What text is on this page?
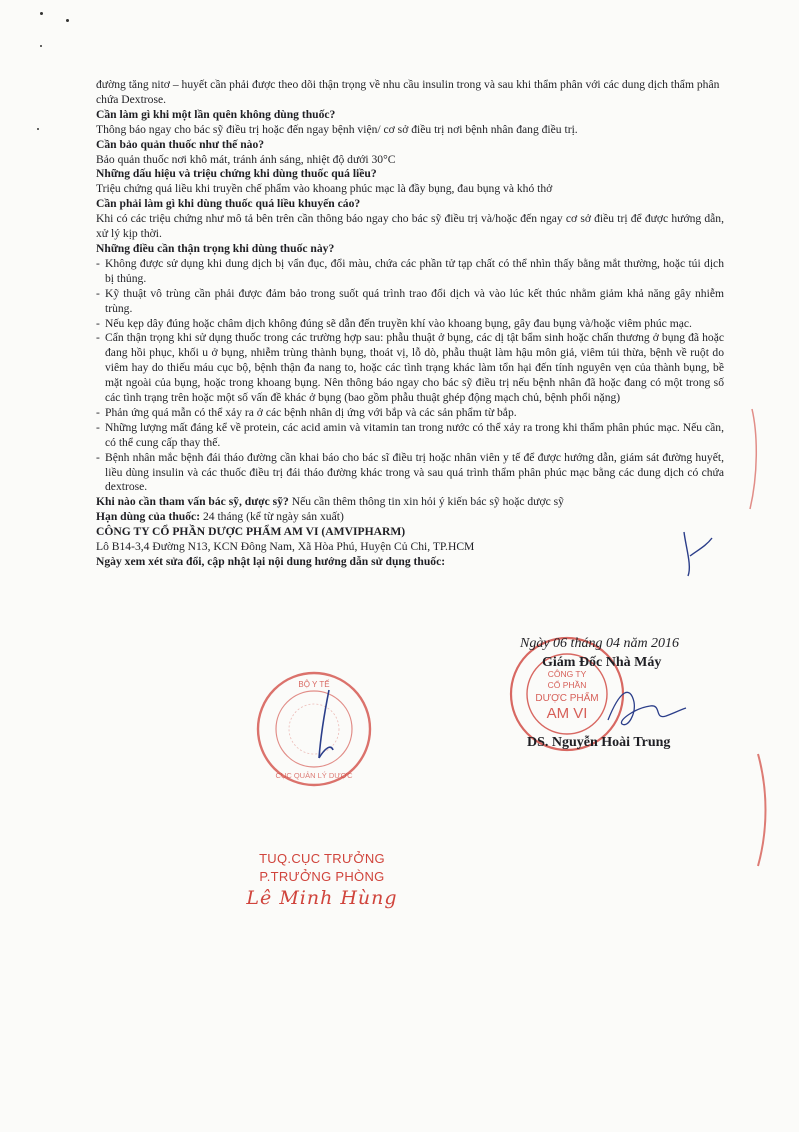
đường tăng nitơ – huyết cần phải được theo dõi thận trọng về nhu cầu insulin trong và sau khi thẩm phân với các dung dịch thẩm phân chứa Dextrose.

Cần làm gì khi một lần quên không dùng thuốc?

Thông báo ngay cho bác sỹ điều trị hoặc đến ngay bệnh viện/ cơ sở điều trị nơi bệnh nhân đang điều trị.

Cần bảo quản thuốc như thế nào?

Bảo quản thuốc nơi khô mát, tránh ánh sáng, nhiệt độ dưới 30°C

Những dấu hiệu và triệu chứng khi dùng thuốc quá liều?

Triệu chứng quá liều khi truyền chế phẩm vào khoang phúc mạc là đầy bụng, đau bụng và khó thở

Cần phải làm gì khi dùng thuốc quá liều khuyến cáo?

Khi có các triệu chứng như mô tả bên trên cần thông báo ngay cho bác sỹ điều trị và/hoặc đến ngay cơ sở điều trị để được hướng dẫn, xử lý kịp thời.

Những điều cần thận trọng khi dùng thuốc này?

- Không được sử dụng khi dung dịch bị vẩn đục, đổi màu, chứa các phần tử tạp chất có thể nhìn thấy bằng mắt thường, hoặc túi dịch bị thủng.
- Kỹ thuật vô trùng cần phải được đảm bảo trong suốt quá trình trao đổi dịch và vào lúc kết thúc nhằm giảm khả năng gây nhiễm trùng.
- Nếu kẹp dây đúng hoặc châm dịch không đúng sẽ dẫn đến truyền khí vào khoang bụng, gây đau bụng và/hoặc viêm phúc mạc.
- Cẩn thận trọng khi sử dụng thuốc trong các trường hợp sau: phẫu thuật ở bụng, các dị tật bẩm sinh hoặc chấn thương ở bụng đã hoặc đang hồi phục, khối u ở bụng, nhiễm trùng thành bụng, thoát vị, lỗ dò, phẫu thuật làm hậu môn giả, viêm túi thừa, bệnh về ruột do viêm hay do thiếu máu cục bộ, bệnh thận đa nang to, hoặc các tình trạng khác làm tổn hại đến tính nguyên vẹn của thành bụng, bề mặt ngoài của bụng, hoặc trong khoang bụng. Nên thông báo ngay cho bác sỹ điều trị nếu bệnh nhân đã hoặc đang có một trong số các tình trạng trên hoặc một số vấn đề khác ở bụng (bao gồm phẫu thuật ghép động mạch chủ, bệnh phổi nặng)
- Phản ứng quá mẫn có thể xảy ra ở các bệnh nhân dị ứng với bắp và các sản phẩm từ bắp.
- Những lượng mất đáng kể về protein, các acid amin và vitamin tan trong nước có thể xảy ra trong khi thẩm phân phúc mạc. Nếu cần, có thể cung cấp thay thế.
- Bệnh nhân mắc bệnh đái tháo đường cần khai báo cho bác sĩ điều trị hoặc nhân viên y tế để được hướng dẫn, giám sát đường huyết, liều dùng insulin và các thuốc điều trị đái tháo đường khác trong và sau quá trình thẩm phân phúc mạc bằng các dung dịch có chứa dextrose.

Khi nào cần tham vấn bác sỹ, dược sỹ? Nếu cần thêm thông tin xin hỏi ý kiến bác sỹ hoặc dược sỹ

Hạn dùng của thuốc: 24 tháng (kể từ ngày sản xuất)

CÔNG TY CỔ PHẦN DƯỢC PHẨM AM VI (AMVIPHARM)

Lô B14-3,4 Đường N13, KCN Đông Nam, Xã Hòa Phú, Huyện Củ Chi, TP.HCM

Ngày xem xét sửa đổi, cập nhật lại nội dung hướng dẫn sử dụng thuốc:

CÔNG TY
CỔ PHẦN
DƯỢC PHẨM
AM VI
Ngày 06 tháng 04 năm 2016
Giám Đốc Nhà Máy
DS. Nguyễn Hoài Trung
BỘ Y TẾ
CỤC QUẢN LÝ DƯỢC
TUQ.CỤC TRƯỞNG
P.TRƯỞNG PHÒNG
Lê Minh Hùng
